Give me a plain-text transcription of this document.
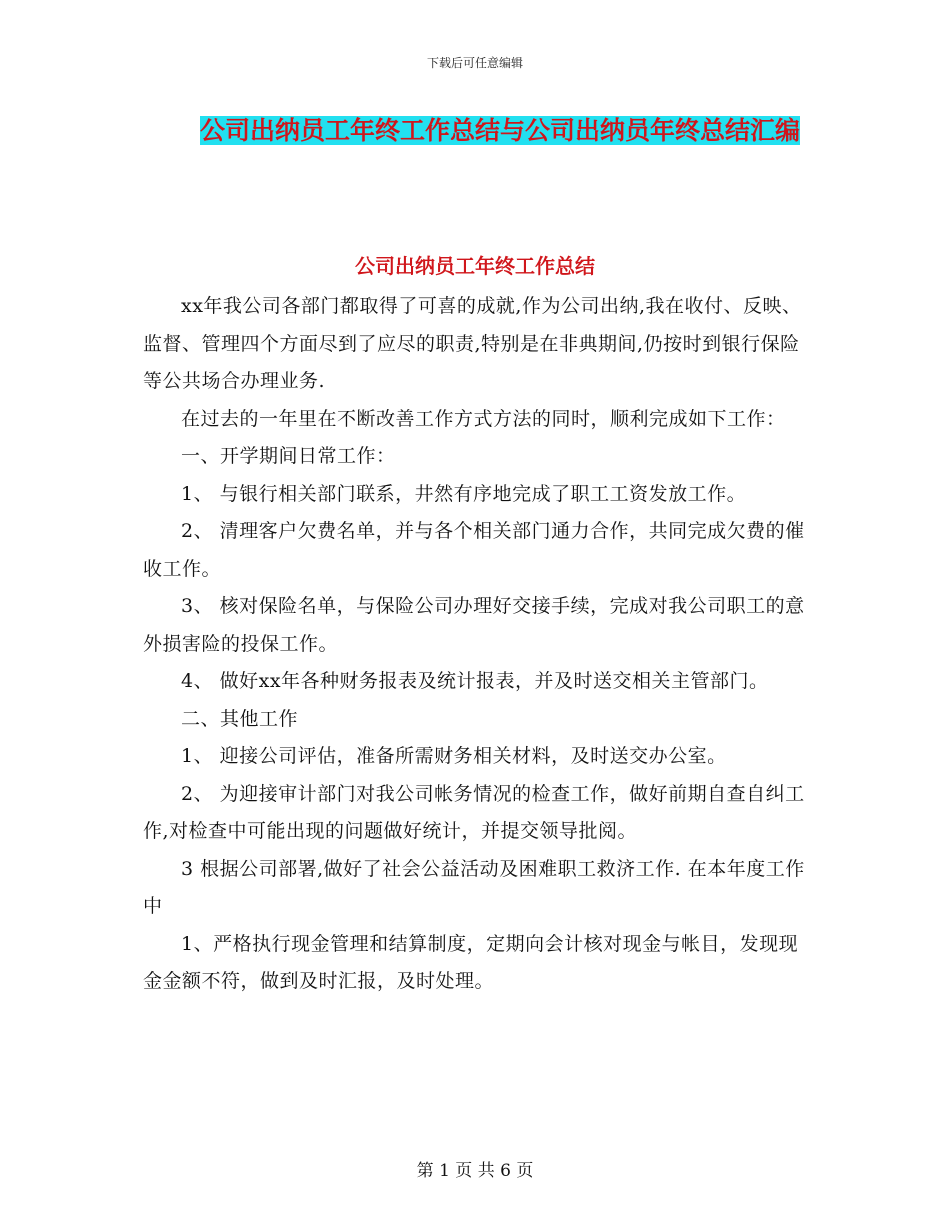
下载后可任意编辑
公司出纳员工年终工作总结与公司出纳员年终总结汇编
公司出纳员工年终工作总结

xx年我公司各部门都取得了可喜的成就,作为公司出纳,我在收付、反映、监督、管理四个方面尽到了应尽的职责,特别是在非典期间,仍按时到银行保险等公共场合办理业务.

在过去的一年里在不断改善工作方式方法的同时，顺利完成如下工作：

一、开学期间日常工作：

1、 与银行相关部门联系，井然有序地完成了职工工资发放工作。

2、 清理客户欠费名单，并与各个相关部门通力合作，共同完成欠费的催收工作。

3、 核对保险名单，与保险公司办理好交接手续，完成对我公司职工的意外损害险的投保工作。

4、 做好xx年各种财务报表及统计报表，并及时送交相关主管部门。

二、其他工作

1、 迎接公司评估，准备所需财务相关材料，及时送交办公室。

2、 为迎接审计部门对我公司帐务情况的检查工作，做好前期自查自纠工作,对检查中可能出现的问题做好统计，并提交领导批阅。

3 根据公司部署,做好了社会公益活动及困难职工救济工作. 在本年度工作中

1、严格执行现金管理和结算制度，定期向会计核对现金与帐目，发现现金金额不符，做到及时汇报，及时处理。

第 1 页 共 6 页
